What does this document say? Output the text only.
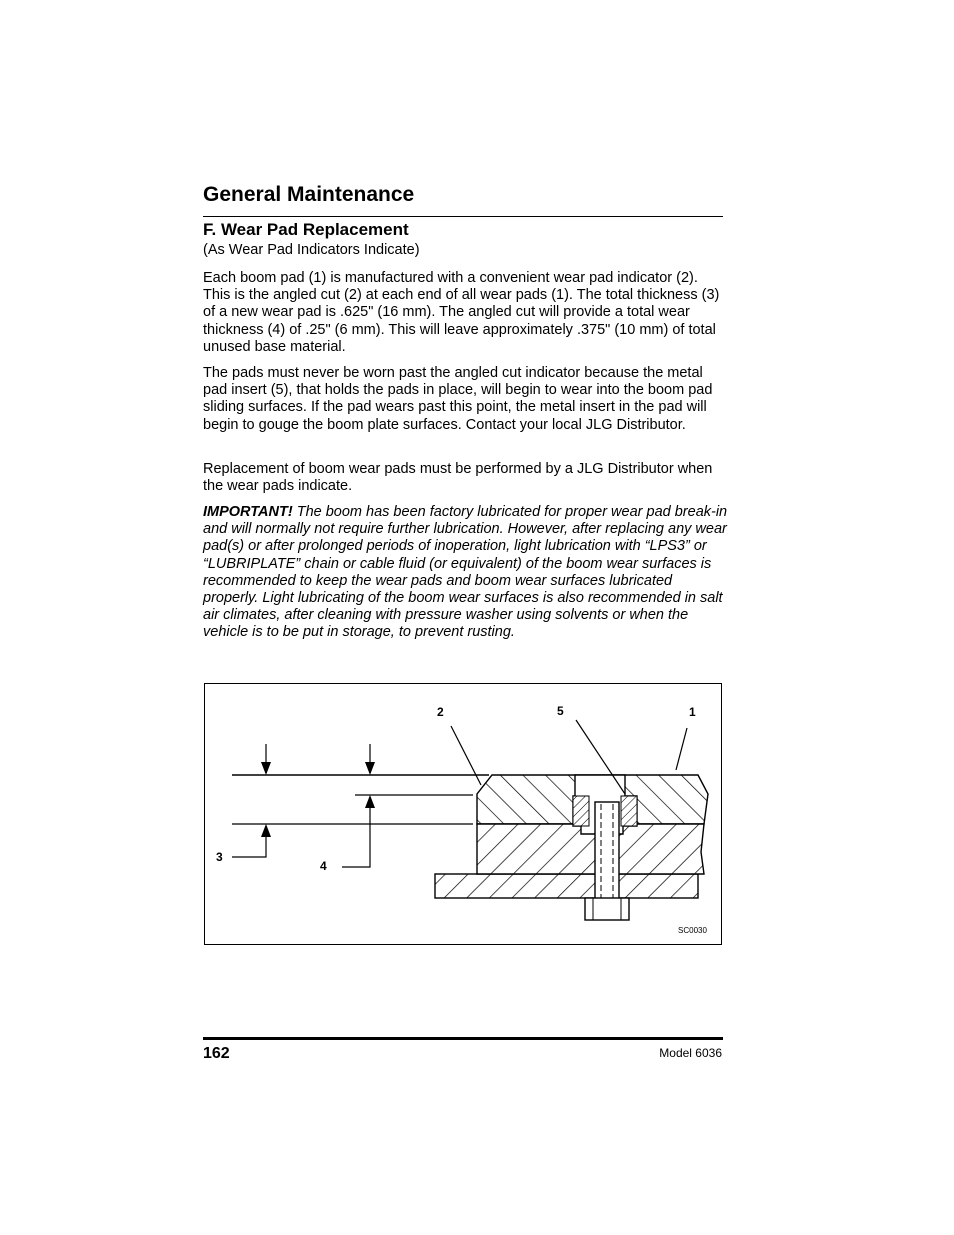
General Maintenance
F. Wear Pad Replacement

(As Wear Pad Indicators Indicate)

Each boom pad (1) is manufactured with a convenient wear pad indicator (2). This is the angled cut (2) at each end of all wear pads (1). The total thickness (3) of a new wear pad is .625" (16 mm). The angled cut will provide a total wear thickness (4) of .25" (6 mm). This will leave approximately .375" (10 mm) of total unused base material.

The pads must never be worn past the angled cut indicator because the metal pad insert (5), that holds the pads in place, will begin to wear into the boom pad sliding surfaces. If the pad wears past this point, the metal insert in the pad will begin to gouge the boom plate surfaces. Contact your local JLG Distributor.

Replacement of boom wear pads must be performed by a JLG Distributor when the wear pads indicate.

IMPORTANT! The boom has been factory lubricated for proper wear pad break-in and will normally not require further lubrication. However, after replacing any wear pad(s) or after prolonged periods of inoperation, light lubrication with “LPS3” or “LUBRIPLATE” chain or cable fluid (or equivalent) of the boom wear surfaces is recommended to keep the wear pads and boom wear surfaces lubricated properly. Light lubricating of the boom wear surfaces is also recommended in salt air climates, after cleaning with pressure washer using solvents or when the vehicle is to be put in storage, to prevent rusting.

2	5	1
3
4
SC0030

162	Model 6036
